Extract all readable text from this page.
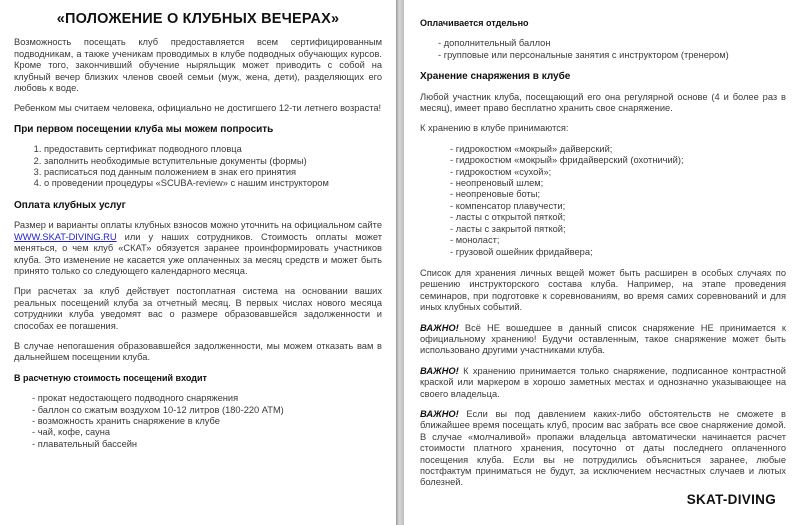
«ПОЛОЖЕНИЕ О КЛУБНЫХ ВЕЧЕРАХ»

Возможность посещать клуб предоставляется всем сертифицированным подводникам, а также ученикам проводимых в клубе подводных обучающих курсов. Кроме того, закончивший обучение ныряльщик может приводить с собой на клубный вечер близких членов своей семьи (муж, жена, дети), разделяющих его любовь к воде.

Ребенком мы считаем человека, официально не достигшего 12-ти летнего возраста!

При первом посещении клуба мы можем попросить
1. предоставить сертификат подводного пловца
2. заполнить необходимые вступительные документы (формы)
3. расписаться под данным положением в знак его принятия
4. о проведении процедуры «SCUBA-review» с нашим инструктором
Оплата клубных услуг

Размер и варианты оплаты клубных взносов можно уточнить на официальном сайте WWW.SKAT-DIVING.RU или у наших сотрудников. Стоимость оплаты может меняться, о чем клуб «СКАТ» обязуется заранее проинформировать участников клуба. Это изменение не касается уже оплаченных за месяц средств и может быть принято только со следующего календарного месяца.

При расчетах за клуб действует постоплатная система на основании ваших реальных посещений клуба за отчетный месяц. В первых числах нового месяца сотрудники клуба уведомят вас о размере образовавшейся задолженности и способах ее погашения.

В случае непогашения образовавшейся задолженности, мы можем отказать вам в дальнейшем посещении клуба.

В расчетную стоимость посещений входит
- прокат недостающего подводного снаряжения
- баллон со сжатым воздухом 10-12 литров (180-220 АТМ)
- возможность хранить снаряжение в клубе
- чай, кофе, сауна
- плавательный бассейн
Оплачивается отдельно
- дополнительный баллон
- групповые или персональные занятия с инструктором (тренером)
Хранение снаряжения в клубе

Любой участник клуба, посещающий его она регулярной основе (4 и более раз в месяц), имеет право бесплатно хранить свое снаряжение.

К хранению в клубе принимаются:

- гидрокостюм «мокрый» дайверский;
- гидрокостюм «мокрый» фридайверский (охотничий);
- гидрокостюм «сухой»;
- неопреновый шлем;
- неопреновые боты;
- компенсатор плавучести;
- ласты с открытой пяткой;
- ласты с закрытой пяткой;
- моноласт;
- грузовой ошейник фридайвера;

Список для хранения личных вещей может быть расширен в особых случаях по решению инструкторского состава клуба. Например, на этапе проведения семинаров, при подготовке к соревнованиям, во время самих соревнований и для иных клубных событий.

ВАЖНО! Всё НЕ вошедшее в данный список снаряжение НЕ принимается к официальному хранению! Будучи оставленным, такое снаряжение может быть использовано другими участниками клуба.

ВАЖНО! К хранению принимается только снаряжение, подписанное контрастной краской или маркером в хорошо заметных местах и однозначно указывающее на своего владельца.

ВАЖНО! Если вы под давлением каких-либо обстоятельств не сможете в ближайшее время посещать клуб, просим вас забрать все свое снаряжение домой. В случае «молчаливой» пропажи владельца автоматически начинается расчет стоимости платного хранения, посуточно от даты последнего оплаченного посещения клуба. Если вы не потрудились объясниться заранее, любые постфактум приниматься не будут, за исключением несчастных случаев и лютых болезней.

SKAT-DIVING
